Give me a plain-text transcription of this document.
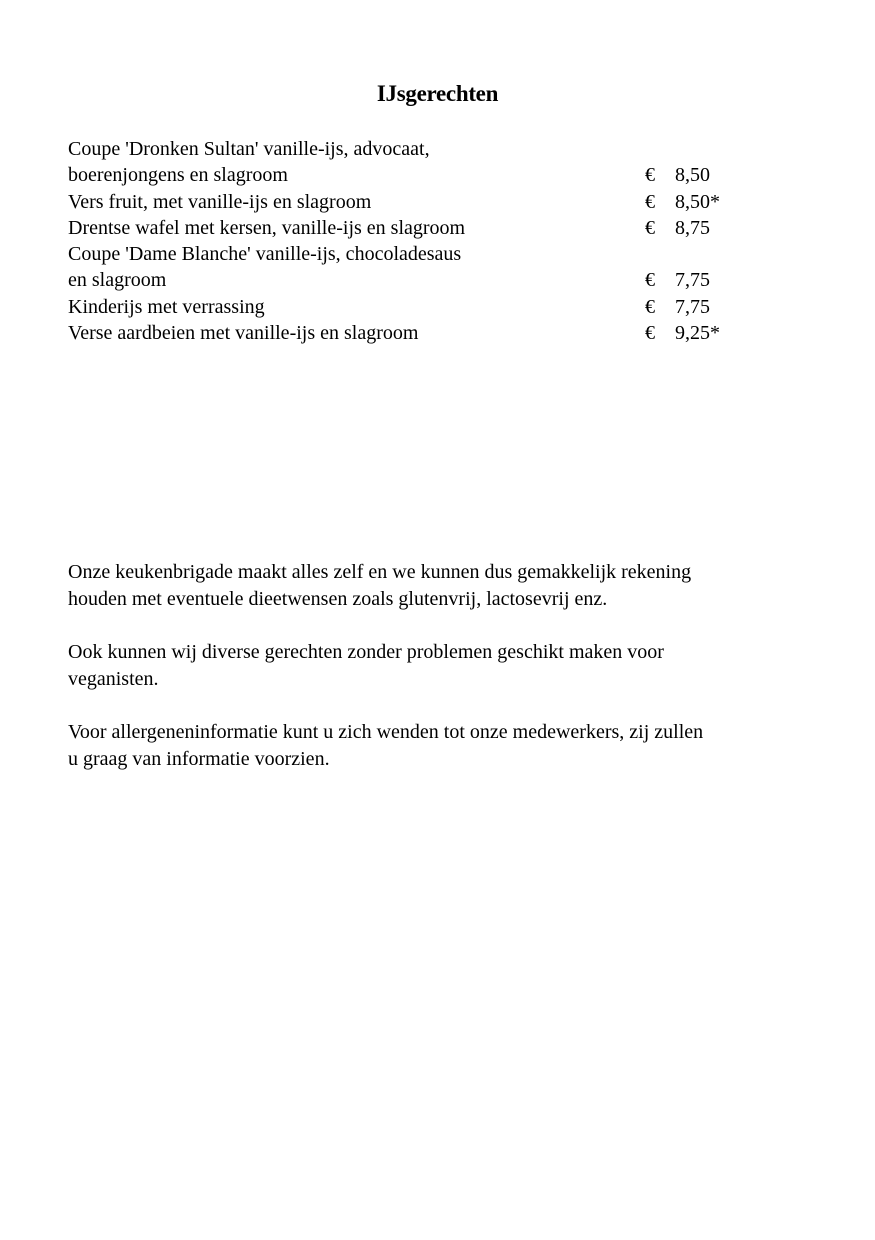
IJsgerechten
Coupe 'Dronken Sultan' vanille-ijs, advocaat,
boerenjongens en slagroom	€ 8,50
Vers fruit, met vanille-ijs en slagroom	€ 8,50*
Drentse wafel met kersen, vanille-ijs en slagroom	€ 8,75
Coupe 'Dame Blanche' vanille-ijs, chocoladesaus
en slagroom	€ 7,75
Kinderijs met verrassing	€ 7,75
Verse aardbeien met vanille-ijs en slagroom	€ 9,25*

Onze keukenbrigade maakt alles zelf en we kunnen dus gemakkelijk rekening
houden met eventuele dieetwensen zoals glutenvrij, lactosevrij enz.

Ook kunnen wij diverse gerechten zonder problemen geschikt maken voor
veganisten.

Voor allergeneninformatie kunt u zich wenden tot onze medewerkers, zij zullen
u graag van informatie voorzien.
